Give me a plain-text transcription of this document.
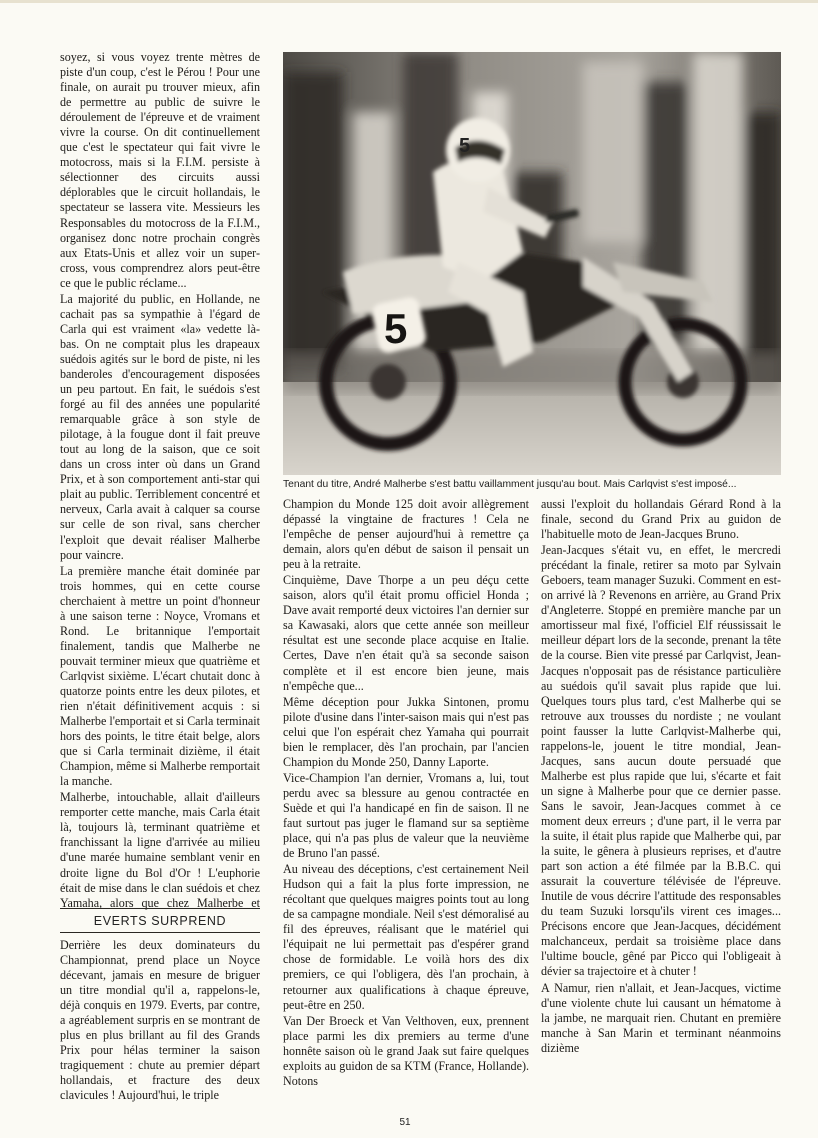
soyez, si vous voyez trente mètres de piste d'un coup, c'est le Pérou ! Pour une finale, on aurait pu trouver mieux, afin de permettre au public de suivre le déroulement de l'épreuve et de vraiment vivre la course. On dit continuellement que c'est le spectateur qui fait vivre le motocross, mais si la F.I.M. persiste à sélectionner des circuits aussi déplorables que le circuit hollandais, le spectateur se lassera vite. Messieurs les Responsables du motocross de la F.I.M., organisez donc notre prochain congrès aux Etats-Unis et allez voir un super-cross, vous comprendrez alors peut-être ce que le public réclame...

La majorité du public, en Hollande, ne cachait pas sa sympathie à l'égard de Carla qui est vraiment «la» vedette là-bas. On ne comptait plus les drapeaux suédois agités sur le bord de piste, ni les banderoles d'encouragement disposées un peu partout. En fait, le suédois s'est forgé au fil des années une popularité remarquable grâce à son style de pilotage, à la fougue dont il fait preuve tout au long de la saison, que ce soit dans un cross inter où dans un Grand Prix, et à son comportement anti-star qui plait au public. Terriblement concentré et nerveux, Carla avait à calquer sa course sur celle de son rival, sans chercher l'exploit que devait réaliser Malherbe pour vaincre.

La première manche était dominée par trois hommes, qui en cette course cherchaient à mettre un point d'honneur à une saison terne : Noyce, Vromans et Rond. Le britannique l'emportait finalement, tandis que Malherbe ne pouvait terminer mieux que quatrième et Carlqvist sixième. L'écart chutait donc à quatorze points entre les deux pilotes, et rien n'était définitivement acquis : si Malherbe l'emportait et si Carla terminait hors des points, le titre était belge, alors que si Carla terminait dizième, il était Champion, même si Malherbe remportait la manche.

Malherbe, intouchable, allait d'ailleurs remporter cette manche, mais Carla était là, toujours là, terminant quatrième et franchissant la ligne d'arrivée au milieu d'une marée humaine semblant venir en droite ligne du Bol d'Or ! L'euphorie était de mise dans le clan suédois et chez Yamaha, alors que chez Malherbe et

EVERTS SURPREND

Derrière les deux dominateurs du Championnat, prend place un Noyce décevant, jamais en mesure de briguer un titre mondial qu'il a, rappelons-le, déjà conquis en 1979. Everts, par contre, a agréablement surpris en se montrant de plus en plus brillant au fil des Grands Prix pour hélas terminer la saison tragiquement : chute au premier départ hollandais, et fracture des deux clavicules ! Aujourd'hui, le triple

5
5
Tenant du titre, André Malherbe s'est battu vaillamment jusqu'au bout. Mais Carlqvist s'est imposé...

Champion du Monde 125 doit avoir allègrement dépassé la vingtaine de fractures ! Cela ne l'empêche de penser aujourd'hui à remettre ça demain, alors qu'en début de saison il pensait un peu à la retraite.

Cinquième, Dave Thorpe a un peu déçu cette saison, alors qu'il était promu officiel Honda ; Dave avait remporté deux victoires l'an dernier sur sa Kawasaki, alors que cette année son meilleur résultat est une seconde place acquise en Italie. Certes, Dave n'en était qu'à sa seconde saison complète et il est encore bien jeune, mais n'empêche que...

Même déception pour Jukka Sintonen, promu pilote d'usine dans l'inter-saison mais qui n'est pas celui que l'on espérait chez Yamaha qui pourrait bien le remplacer, dès l'an prochain, par l'ancien Champion du Monde 250, Danny Laporte.

Vice-Champion l'an dernier, Vromans a, lui, tout perdu avec sa blessure au genou contractée en Suède et qui l'a handicapé en fin de saison. Il ne faut surtout pas juger le flamand sur sa septième place, qui n'a pas plus de valeur que la neuvième de Bruno l'an passé.

Au niveau des déceptions, c'est certainement Neil Hudson qui a fait la plus forte impression, ne récoltant que quelques maigres points tout au long de sa campagne mondiale. Neil s'est démoralisé au fil des épreuves, réalisant que le matériel qui l'équipait ne lui permettait pas d'espérer grand chose de formidable. Le voilà hors des dix premiers, ce qui l'obligera, dès l'an prochain, à retourner aux qualifications à chaque épreuve, peut-être en 250.

Van Der Broeck et Van Velthoven, eux, prennent place parmi les dix premiers au terme d'une honnête saison où le grand Jaak sut faire quelques exploits au guidon de sa KTM (France, Hollande). Notons

aussi l'exploit du hollandais Gérard Rond à la finale, second du Grand Prix au guidon de l'habituelle moto de Jean-Jacques Bruno.

Jean-Jacques s'était vu, en effet, le mercredi précédant la finale, retirer sa moto par Sylvain Geboers, team manager Suzuki. Comment en est-on arrivé là ? Revenons en arrière, au Grand Prix d'Angleterre. Stoppé en première manche par un amortisseur mal fixé, l'officiel Elf réussissait le meilleur départ lors de la seconde, prenant la tête de la course. Bien vite pressé par Carlqvist, Jean-Jacques n'opposait pas de résistance particulière au suédois qu'il savait plus rapide que lui. Quelques tours plus tard, c'est Malherbe qui se retrouve aux trousses du nordiste ; ne voulant point fausser la lutte Carlqvist-Malherbe qui, rappelons-le, jouent le titre mondial, Jean-Jacques, sans aucun doute persuadé que Malherbe est plus rapide que lui, s'écarte et fait un signe à Malherbe pour que ce dernier passe. Sans le savoir, Jean-Jacques commet à ce moment deux erreurs ; d'une part, il le verra par la suite, il était plus rapide que Malherbe qui, par la suite, le gênera à plusieurs reprises, et d'autre part son action a été filmée par la B.B.C. qui assurait la couverture télévisée de l'épreuve. Inutile de vous décrire l'attitude des responsables du team Suzuki lorsqu'ils virent ces images... Précisons encore que Jean-Jacques, décidément malchanceux, perdait sa troisième place dans l'ultime boucle, gêné par Picco qui l'obligeait à dévier sa trajectoire et à chuter !

A Namur, rien n'allait, et Jean-Jacques, victime d'une violente chute lui causant un hématome à la jambe, ne marquait rien. Chutant en première manche à San Marin et terminant néanmoins dizième

51
